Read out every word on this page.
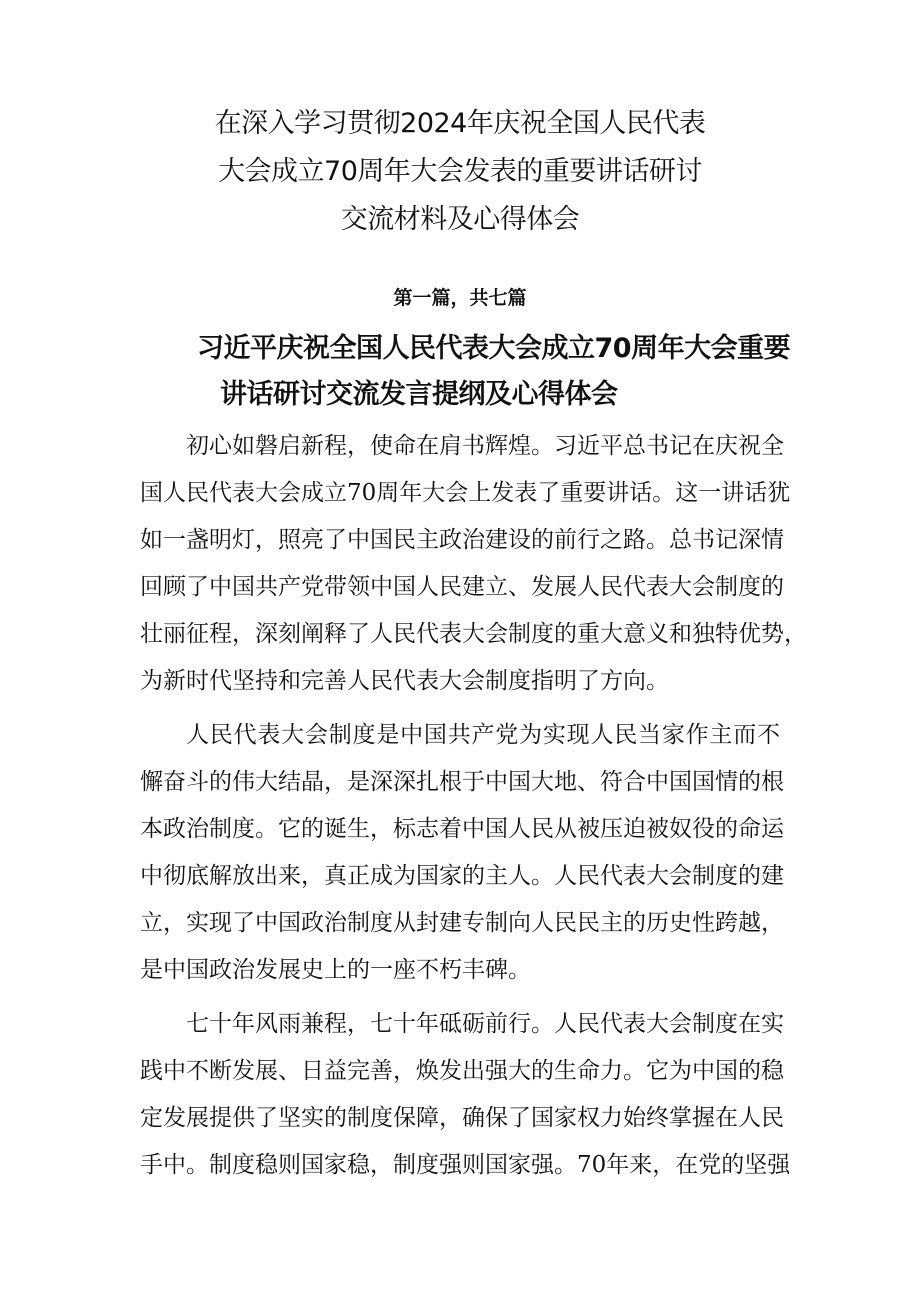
在深入学习贯彻2024年庆祝全国人民代表
大会成立70周年大会发表的重要讲话研讨
交流材料及心得体会

第一篇，共七篇

习近平庆祝全国人民代表大会成立70周年大会重要
讲话研讨交流发言提纲及心得体会

初心如磐启新程，使命在肩书辉煌。习近平总书记在庆祝全
国人民代表大会成立70周年大会上发表了重要讲话。这一讲话犹
如一盏明灯，照亮了中国民主政治建设的前行之路。总书记深情
回顾了中国共产党带领中国人民建立、发展人民代表大会制度的
壮丽征程，深刻阐释了人民代表大会制度的重大意义和独特优势，
为新时代坚持和完善人民代表大会制度指明了方向。

人民代表大会制度是中国共产党为实现人民当家作主而不
懈奋斗的伟大结晶，是深深扎根于中国大地、符合中国国情的根
本政治制度。它的诞生，标志着中国人民从被压迫被奴役的命运
中彻底解放出来，真正成为国家的主人。人民代表大会制度的建
立，实现了中国政治制度从封建专制向人民民主的历史性跨越，
是中国政治发展史上的一座不朽丰碑。

七十年风雨兼程，七十年砥砺前行。人民代表大会制度在实
践中不断发展、日益完善，焕发出强大的生命力。它为中国的稳
定发展提供了坚实的制度保障，确保了国家权力始终掌握在人民
手中。制度稳则国家稳，制度强则国家强。70年来，在党的坚强
